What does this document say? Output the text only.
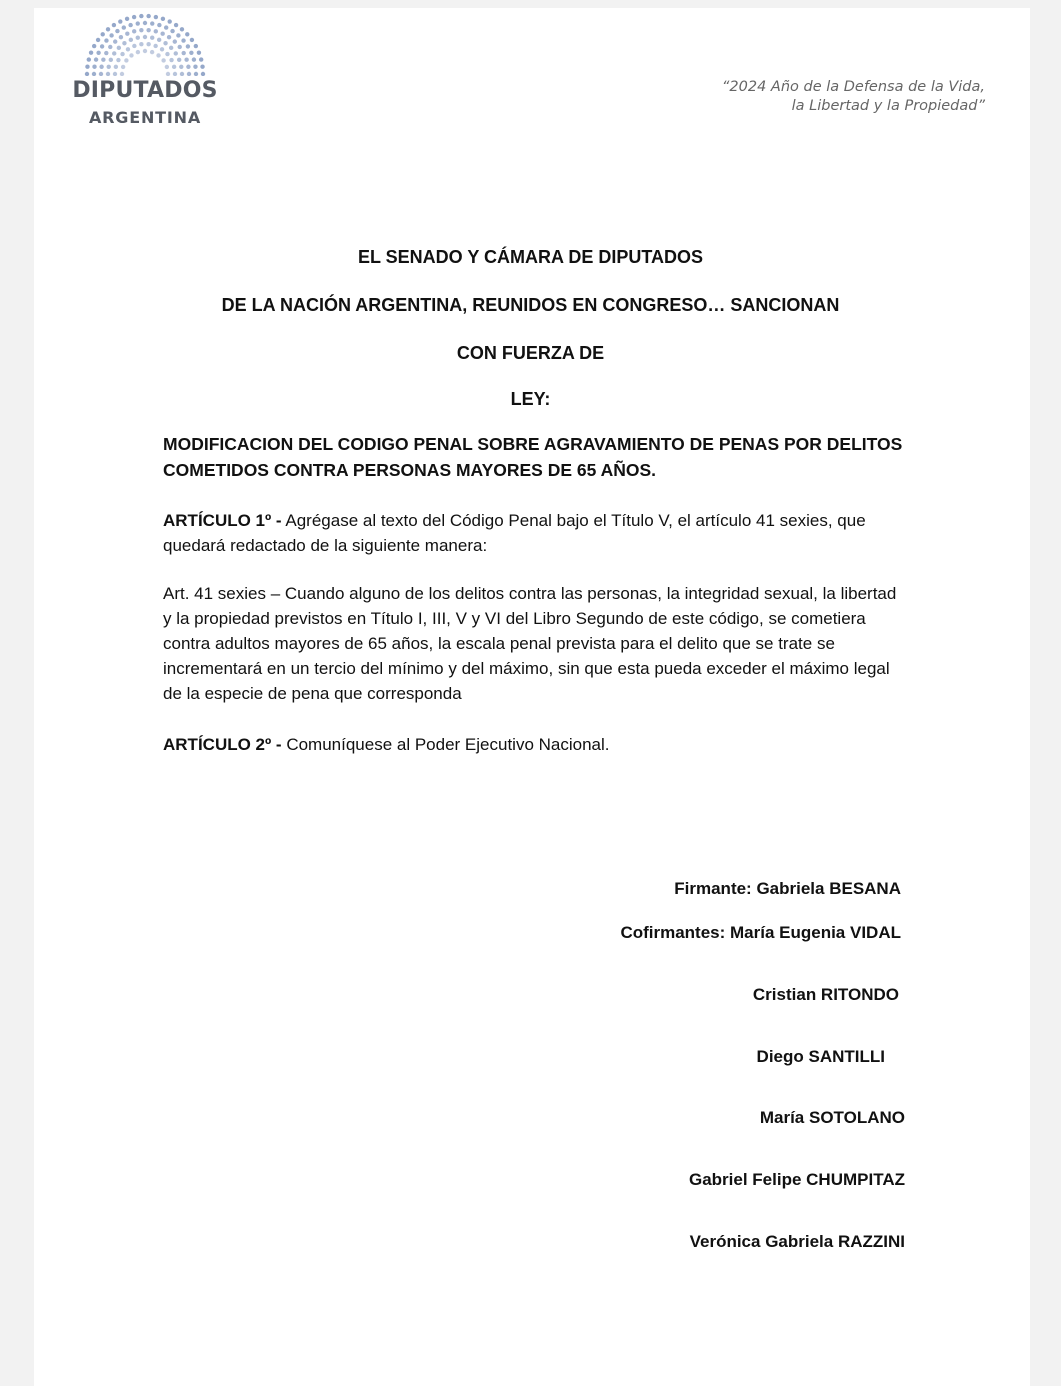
DIPUTADOS
ARGENTINA
“2024 Año de la Defensa de la Vida,
la Libertad y la Propiedad”
EL SENADO Y CÁMARA DE DIPUTADOS
DE LA NACIÓN ARGENTINA, REUNIDOS EN CONGRESO… SANCIONAN
CON FUERZA DE
LEY:
MODIFICACION DEL CODIGO PENAL SOBRE AGRAVAMIENTO DE PENAS POR DELITOS COMETIDOS CONTRA PERSONAS MAYORES DE 65 AÑOS.
ARTÍCULO 1º - Agrégase al texto del Código Penal bajo el Título V, el artículo 41 sexies, que quedará redactado de la siguiente manera:
Art. 41 sexies – Cuando alguno de los delitos contra las personas, la integridad sexual, la libertad y la propiedad previstos en Título I, III, V y VI del Libro Segundo de este código, se cometiera contra adultos mayores de 65 años, la escala penal prevista para el delito que se trate se incrementará en un tercio del mínimo y del máximo, sin que esta pueda exceder el máximo legal de la especie de pena que corresponda
ARTÍCULO 2º - Comuníquese al Poder Ejecutivo Nacional.
Firmante: Gabriela BESANA
Cofirmantes: María Eugenia VIDAL
Cristian RITONDO
Diego SANTILLI
María SOTOLANO
Gabriel Felipe CHUMPITAZ
Verónica Gabriela RAZZINI
